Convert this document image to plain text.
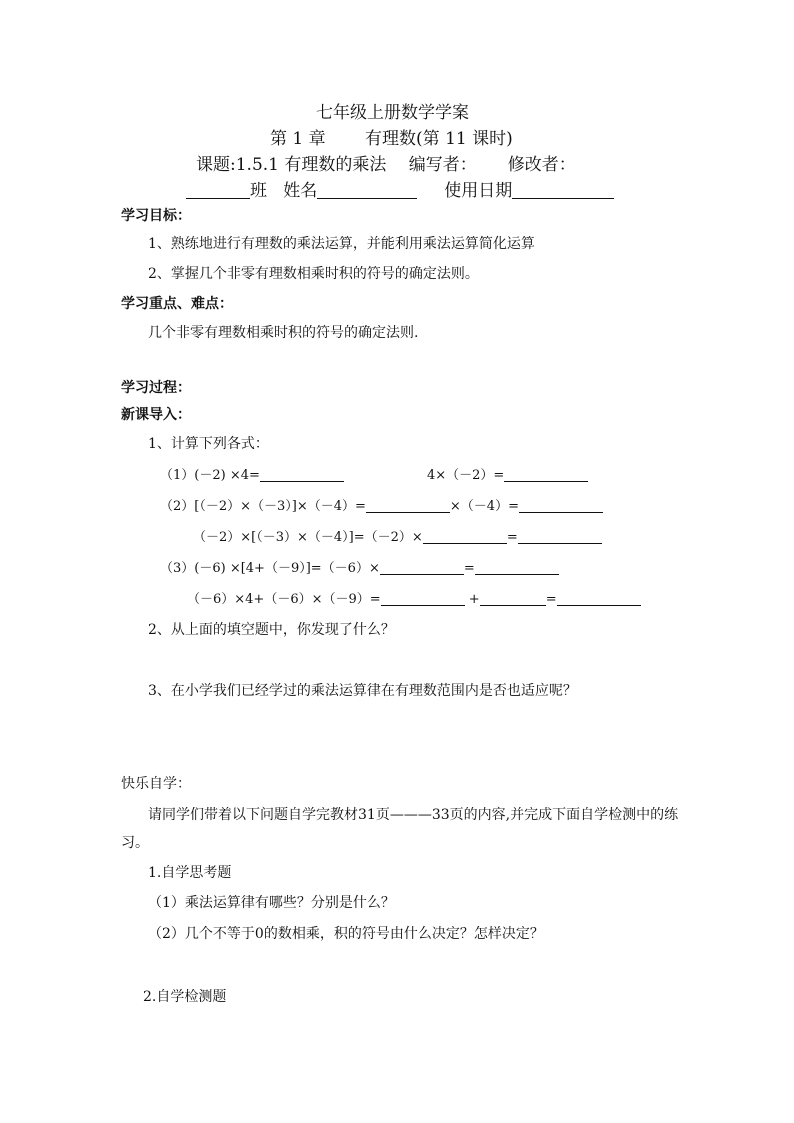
七年级上册数学学案
第 1 章　　 有理数(第 11 课时)
课题:1.5.1 有理数的乘法　 编写者：　　 修改者：
班 姓名	使用日期
学习目标：
1、熟练地进行有理数的乘法运算，并能利用乘法运算简化运算
2、掌握几个非零有理数相乘时积的符号的确定法则。
学习重点、难点：
几个非零有理数相乘时积的符号的确定法则.
学习过程：
新课导入：
1、计算下列各式：
（1）(－2) ×4=	4×（－2）=
（2）[（－2）×（－3）]×（－4）=	×（－4）=
（－2）×[（－3）×（－4）]=（－2）×	=
（3）(－6) ×[4+（－9）]=（－6）×	=
（－6）×4+（－6）×（－9）=	+	=
2、从上面的填空题中，你发现了什么？
3、在小学我们已经学过的乘法运算律在有理数范围内是否也适应呢？
快乐自学：
请同学们带着以下问题自学完教材31页———33页的内容,并完成下面自学检测中的练
习。
1.自学思考题
（1）乘法运算律有哪些？分别是什么？
（2）几个不等于0的数相乘，积的符号由什么决定？怎样决定？
2.自学检测题
